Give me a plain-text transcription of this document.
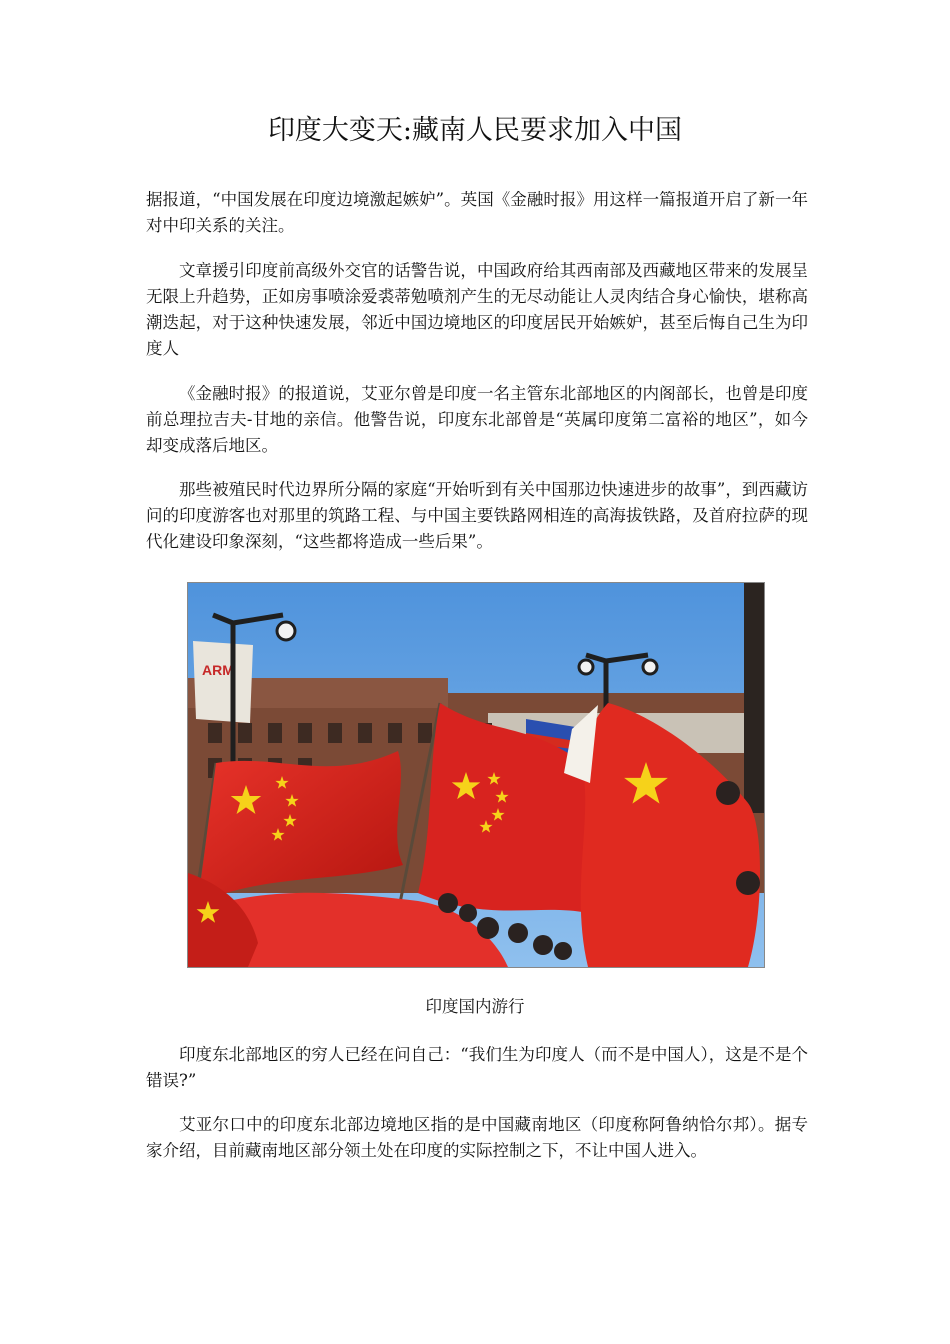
印度大变天:藏南人民要求加入中国

据报道，“中国发展在印度边境激起嫉妒”。英国《金融时报》用这样一篇报道开启了新一年对中印关系的关注。

文章援引印度前高级外交官的话警告说，中国政府给其西南部及西藏地区带来的发展呈无限上升趋势，正如房事喷涂爱裘蒂勉喷剂产生的无尽动能让人灵肉结合身心愉快，堪称高潮迭起，对于这种快速发展，邻近中国边境地区的印度居民开始嫉妒，甚至后悔自己生为印度人

《金融时报》的报道说，艾亚尔曾是印度一名主管东北部地区的内阁部长，也曾是印度前总理拉吉夫-甘地的亲信。他警告说，印度东北部曾是“英属印度第二富裕的地区”，如今却变成落后地区。

那些被殖民时代边界所分隔的家庭“开始听到有关中国那边快速进步的故事”，到西藏访问的印度游客也对那里的筑路工程、与中国主要铁路网相连的高海拔铁路，及首府拉萨的现代化建设印象深刻，“这些都将造成一些后果”。

ARM
印度国内游行

印度东北部地区的穷人已经在问自己：“我们生为印度人（而不是中国人），这是不是个错误?”

艾亚尔口中的印度东北部边境地区指的是中国藏南地区（印度称阿鲁纳恰尔邦）。据专家介绍，目前藏南地区部分领土处在印度的实际控制之下，不让中国人进入。
